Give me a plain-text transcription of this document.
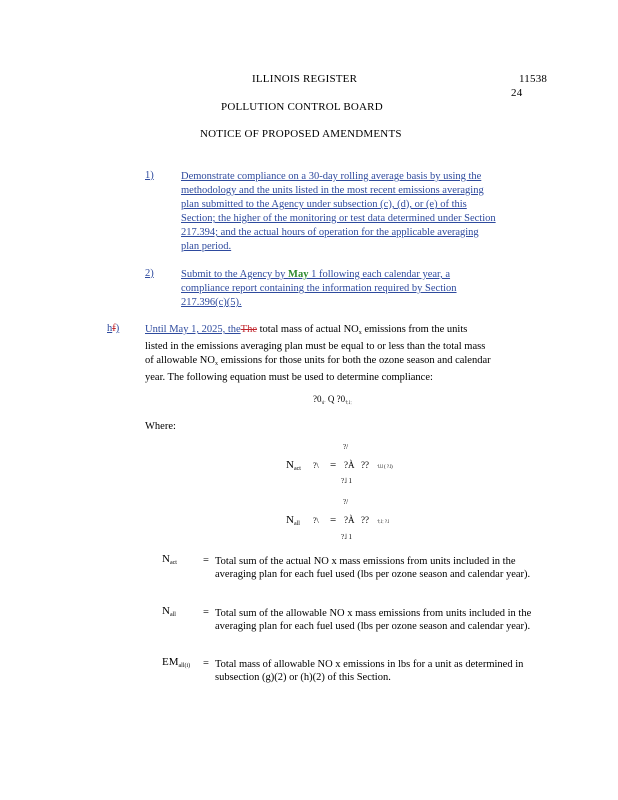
ILLINOIS REGISTER	11538
24
POLLUTION CONTROL BOARD
NOTICE OF PROPOSED AMENDMENTS
1)	Demonstrate compliance on a 30-day rolling average basis by using the
methodology and the units listed in the most recent emissions averaging
plan submitted to the Agency under subsection (c), (d), or (e) of this
Section; the higher of the monitoring or test data determined under Section
217.394; and the actual hours of operation for the applicable averaging
plan period.
2)	Submit to the Agency by May 1 following each calendar year, a
compliance report containing the information required by Section
217.396(c)(5).
hf) Until May 1, 2025, theThe total mass of actual $NO_x$ emissions from the units
listed in the emissions averaging plan must be equal to or less than the total mass
of allowable $NO_x$ emissions for those units for both the ozone season and calendar
year. The following equation must be used to determine compliance:
$?0_{˦˩˩ˑ}$ Q $?0_{˦ː˩ː}$
Where:
?/
$N_{act}$ ?\ = ?À ?? ˦˩˩ ( ?˩)
?˩ 1
?/
$N_{all}$ ?\ = ?À ?? ˦ː˩ː ?˩
?˩ 1
$N_{act}$ = Total sum of the actual NO x mass emissions from units included in the averaging plan for each fuel used (lbs per ozone season and calendar year).
$N_{all}$	= Total sum of the allowable NO x mass emissions from units included in the averaging plan for each fuel used (lbs per ozone season and calendar year).
$EM_{all(i)}$ = Total mass of allowable NO x emissions in lbs for a unit as determined in subsection (g)(2) or (h)(2) of this Section.
